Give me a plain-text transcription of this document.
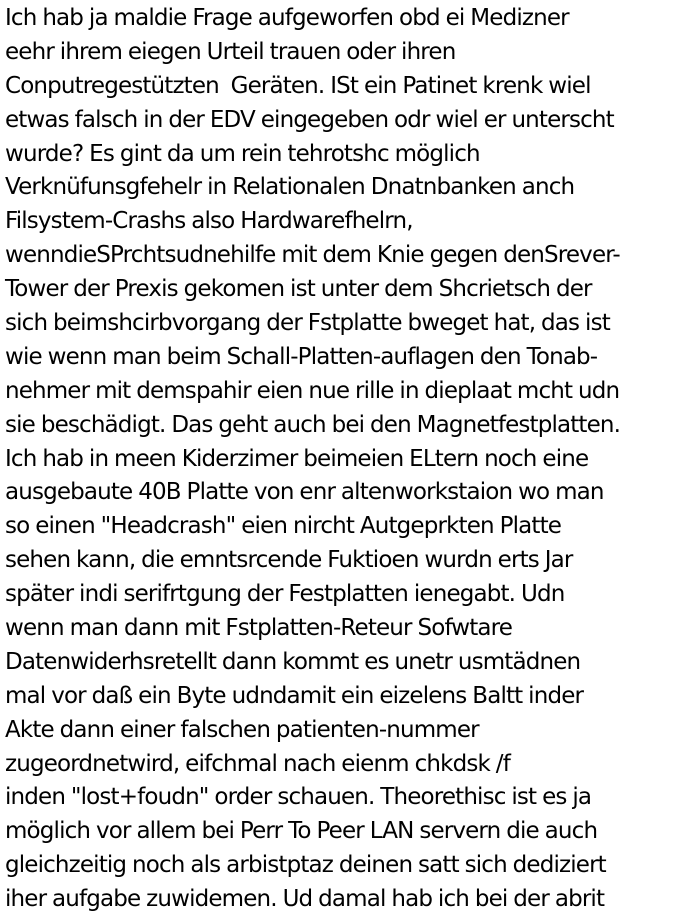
Ich hab ja maldie Frage aufgeworfen obd ei Medizner
eehr ihrem eiegen Urteil trauen oder ihren
Conputregestützten  Geräten. ISt ein Patinet krenk wiel
etwas falsch in der EDV eingegeben odr wiel er unterscht
wurde? Es gint da um rein tehrotshc möglich
Verknüfunsgfehelr in Relationalen Dnatnbanken anch
Filsystem-Crashs also Hardwarefhelrn,
wenndieSPrchtsudnehilfe mit dem Knie gegen denSrever-
Tower der Prexis gekomen ist unter dem Shcrietsch der
sich beimshcirbvorgang der Fstplatte bweget hat, das ist
wie wenn man beim Schall-Platten-auflagen den Tonab-
nehmer mit demspahir eien nue rille in dieplaat mcht udn
sie beschädigt. Das geht auch bei den Magnetfestplatten.
Ich hab in meen Kiderzimer beimeien ELtern noch eine
ausgebaute 40B Platte von enr altenworkstaion wo man
so einen "Headcrash" eien nircht Autgeprkten Platte
sehen kann, die emntsrcende Fuktioen wurdn erts Jar
später indi serifrtgung der Festplatten ienegabt. Udn
wenn man dann mit Fstplatten-Reteur Sofwtare
Datenwiderhsretellt dann kommt es unetr usmtädnen
mal vor daß ein Byte udndamit ein eizelens Baltt inder
Akte dann einer falschen patienten-nummer
zugeordnetwird, eifchmal nach eienm chkdsk /f
inden "lost+foudn" order schauen. Theorethisc ist es ja
möglich vor allem bei Perr To Peer LAN servern die auch
gleichzeitig noch als arbistptaz deinen satt sich dediziert
iher aufgabe zuwidemen. Ud damal hab ich bei der abrit
